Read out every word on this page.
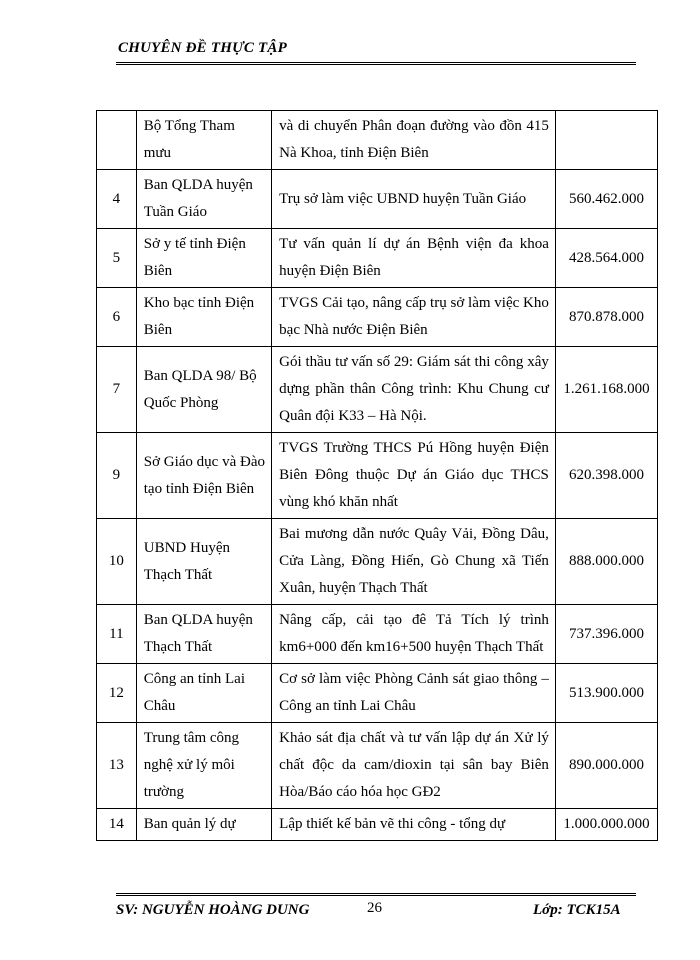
CHUYÊN ĐỀ THỰC TẬP
	Bộ Tổng Tham mưu	và di chuyển Phân đoạn đường vào đồn 415 Nà Khoa, tỉnh Điện Biên	
4	Ban QLDA huyện Tuần Giáo	Trụ sở làm việc UBND huyện Tuần Giáo	560.462.000
5	Sở y tế tỉnh Điện Biên	Tư vấn quản lí dự án Bệnh viện đa khoa huyện Điện Biên	428.564.000
6	Kho bạc tỉnh Điện Biên	TVGS Cải tạo, nâng cấp trụ sở làm việc Kho bạc Nhà nước Điện Biên	870.878.000
7	Ban QLDA 98/ Bộ Quốc Phòng	Gói thầu tư vấn số 29: Giám sát thi công xây dựng phần thân Công trình: Khu Chung cư Quân đội K33 – Hà Nội.	1.261.168.000
9	Sở Giáo dục và Đào tạo tỉnh Điện Biên	TVGS Trường THCS Pú Hồng huyện Điện Biên Đông thuộc Dự án Giáo dục THCS vùng khó khăn nhất	620.398.000
10	UBND Huyện Thạch Thất	Bai mương dẫn nước Quây Vải, Đồng Dâu, Cửa Làng, Đồng Hiến, Gò Chung xã Tiến Xuân, huyện Thạch Thất	888.000.000
11	Ban QLDA huyện Thạch Thất	Nâng cấp, cải tạo đê Tả Tích lý trình km6+000 đến km16+500 huyện Thạch Thất	737.396.000
12	Công an tỉnh Lai Châu	Cơ sở làm việc Phòng Cảnh sát giao thông – Công an tỉnh Lai Châu	513.900.000
13	Trung tâm công nghệ xử lý môi trường	Khảo sát địa chất và tư vấn lập dự án Xử lý chất độc da cam/dioxin tại sân bay Biên Hòa/Báo cáo hóa học GĐ2	890.000.000
14	Ban quản lý dự	Lập thiết kế bản vẽ thi công - tổng dự	1.000.000.000
SV: NGUYỄN HOÀNG DUNG	26	Lớp: TCK15A
